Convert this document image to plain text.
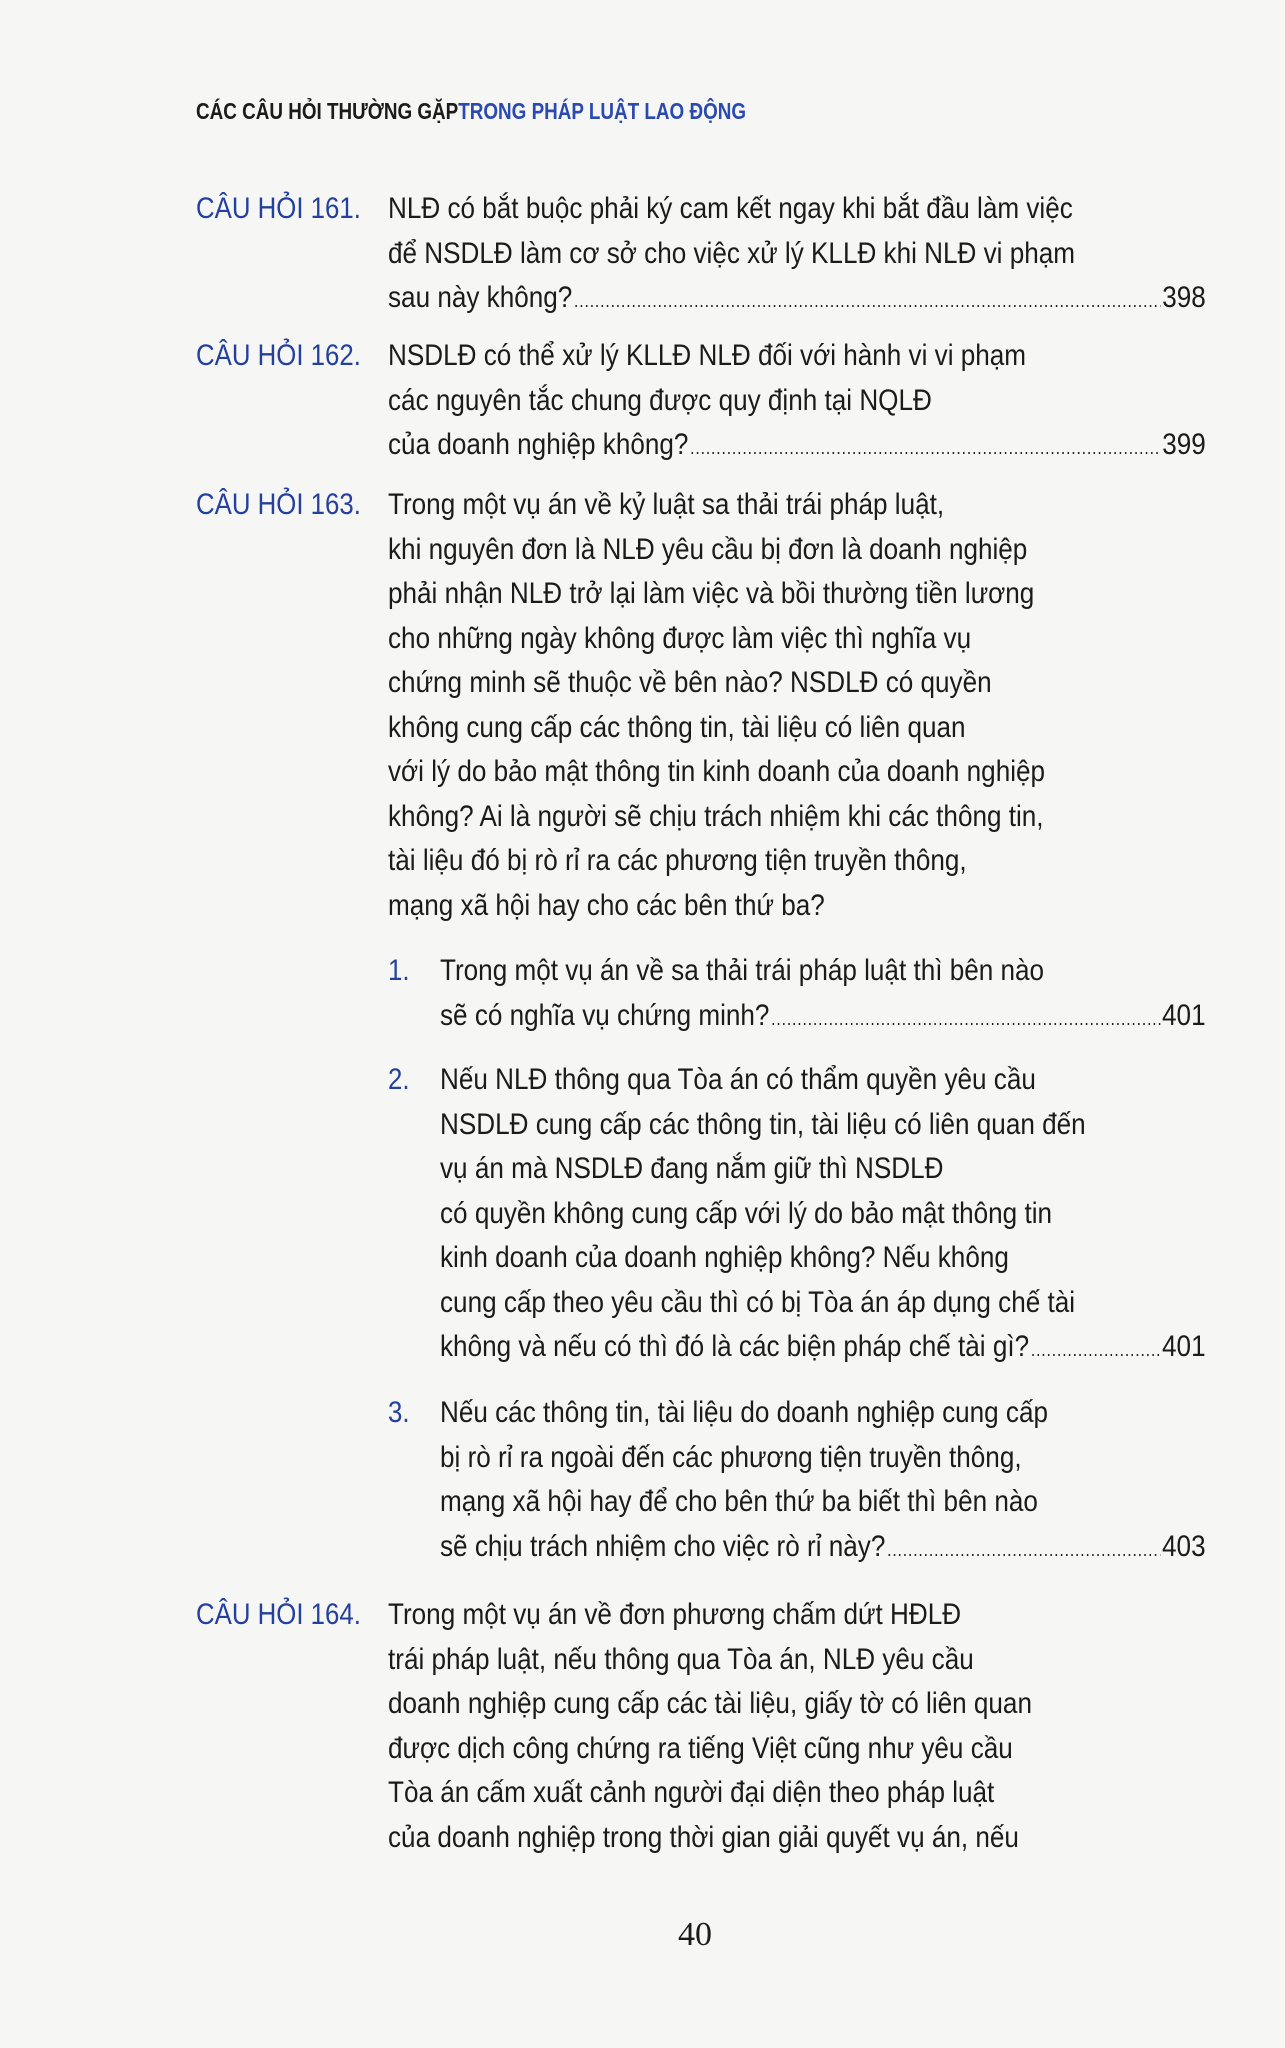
CÁC CÂU HỎI THƯỜNG GẶPTRONG PHÁP LUẬT LAO ĐỘNG
CÂU HỎI 161. NLĐ có bắt buộc phải ký cam kết ngay khi bắt đầu làm việc
để NSDLĐ làm cơ sở cho việc xử lý KLLĐ khi NLĐ vi phạm
sau này không? .....	398
CÂU HỎI 162. NSDLĐ có thể xử lý KLLĐ NLĐ đối với hành vi vi phạm
các nguyên tắc chung được quy định tại NQLĐ
của doanh nghiệp không? .....	399
CÂU HỎI 163. Trong một vụ án về kỷ luật sa thải trái pháp luật,
khi nguyên đơn là NLĐ yêu cầu bị đơn là doanh nghiệp
phải nhận NLĐ trở lại làm việc và bồi thường tiền lương
cho những ngày không được làm việc thì nghĩa vụ
chứng minh sẽ thuộc về bên nào? NSDLĐ có quyền
không cung cấp các thông tin, tài liệu có liên quan
với lý do bảo mật thông tin kinh doanh của doanh nghiệp
không? Ai là người sẽ chịu trách nhiệm khi các thông tin,
tài liệu đó bị rò rỉ ra các phương tiện truyền thông,
mạng xã hội hay cho các bên thứ ba?
1. Trong một vụ án về sa thải trái pháp luật thì bên nào
sẽ có nghĩa vụ chứng minh? .....	401
2. Nếu NLĐ thông qua Tòa án có thẩm quyền yêu cầu
NSDLĐ cung cấp các thông tin, tài liệu có liên quan đến
vụ án mà NSDLĐ đang nắm giữ thì NSDLĐ
có quyền không cung cấp với lý do bảo mật thông tin
kinh doanh của doanh nghiệp không? Nếu không
cung cấp theo yêu cầu thì có bị Tòa án áp dụng chế tài
không và nếu có thì đó là các biện pháp chế tài gì? .....	401
3. Nếu các thông tin, tài liệu do doanh nghiệp cung cấp
bị rò rỉ ra ngoài đến các phương tiện truyền thông,
mạng xã hội hay để cho bên thứ ba biết thì bên nào
sẽ chịu trách nhiệm cho việc rò rỉ này? .....	403
CÂU HỎI 164. Trong một vụ án về đơn phương chấm dứt HĐLĐ
trái pháp luật, nếu thông qua Tòa án, NLĐ yêu cầu
doanh nghiệp cung cấp các tài liệu, giấy tờ có liên quan
được dịch công chứng ra tiếng Việt cũng như yêu cầu
Tòa án cấm xuất cảnh người đại diện theo pháp luật
của doanh nghiệp trong thời gian giải quyết vụ án, nếu
40
